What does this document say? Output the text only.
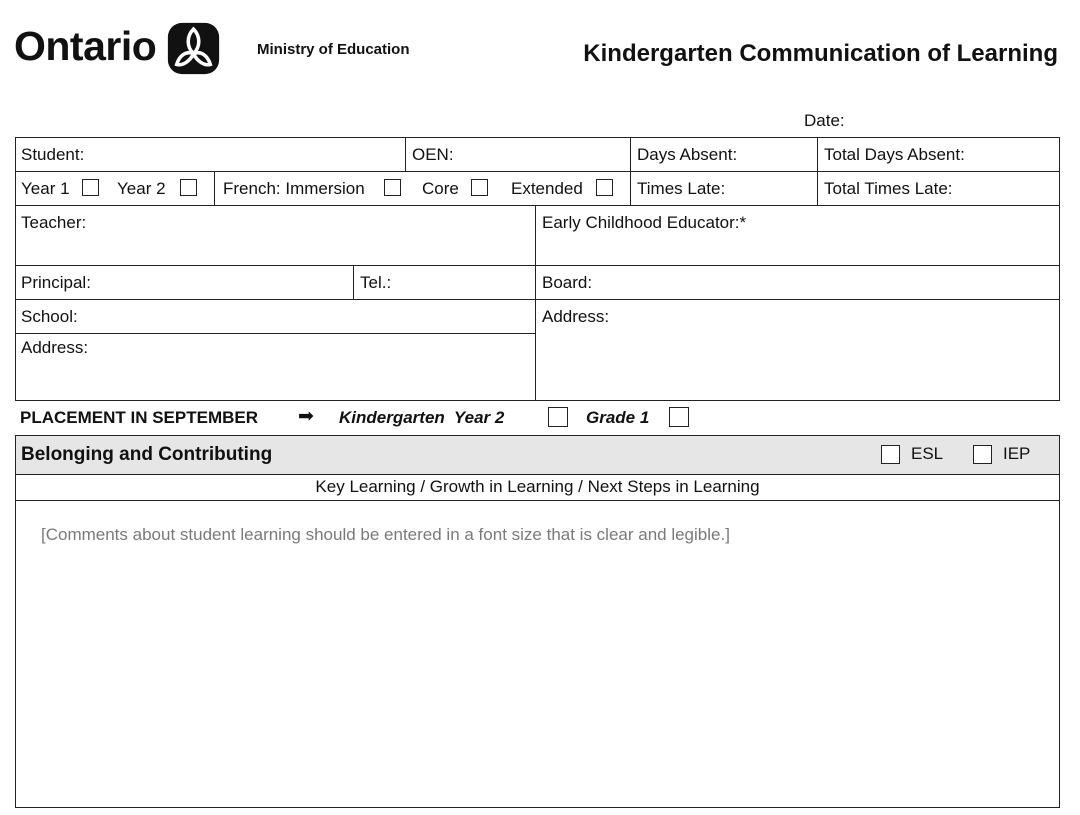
Ontario	Ministry of Education	Kindergarten Communication of Learning
Date:
Student:	OEN:	Days Absent:	Total Days Absent:
Year 1	Year 2	French: Immersion	Core	Extended	Times Late:	Total Times Late:
Teacher:	Early Childhood Educator:*
Principal:	Tel.:	Board:
School:	Address:
Address:
PLACEMENT IN SEPTEMBER ➡ Kindergarten  Year 2	Grade 1
Belonging and Contributing	ESL	IEP
Key Learning / Growth in Learning / Next Steps in Learning
[Comments about student learning should be entered in a font size that is clear and legible.]
